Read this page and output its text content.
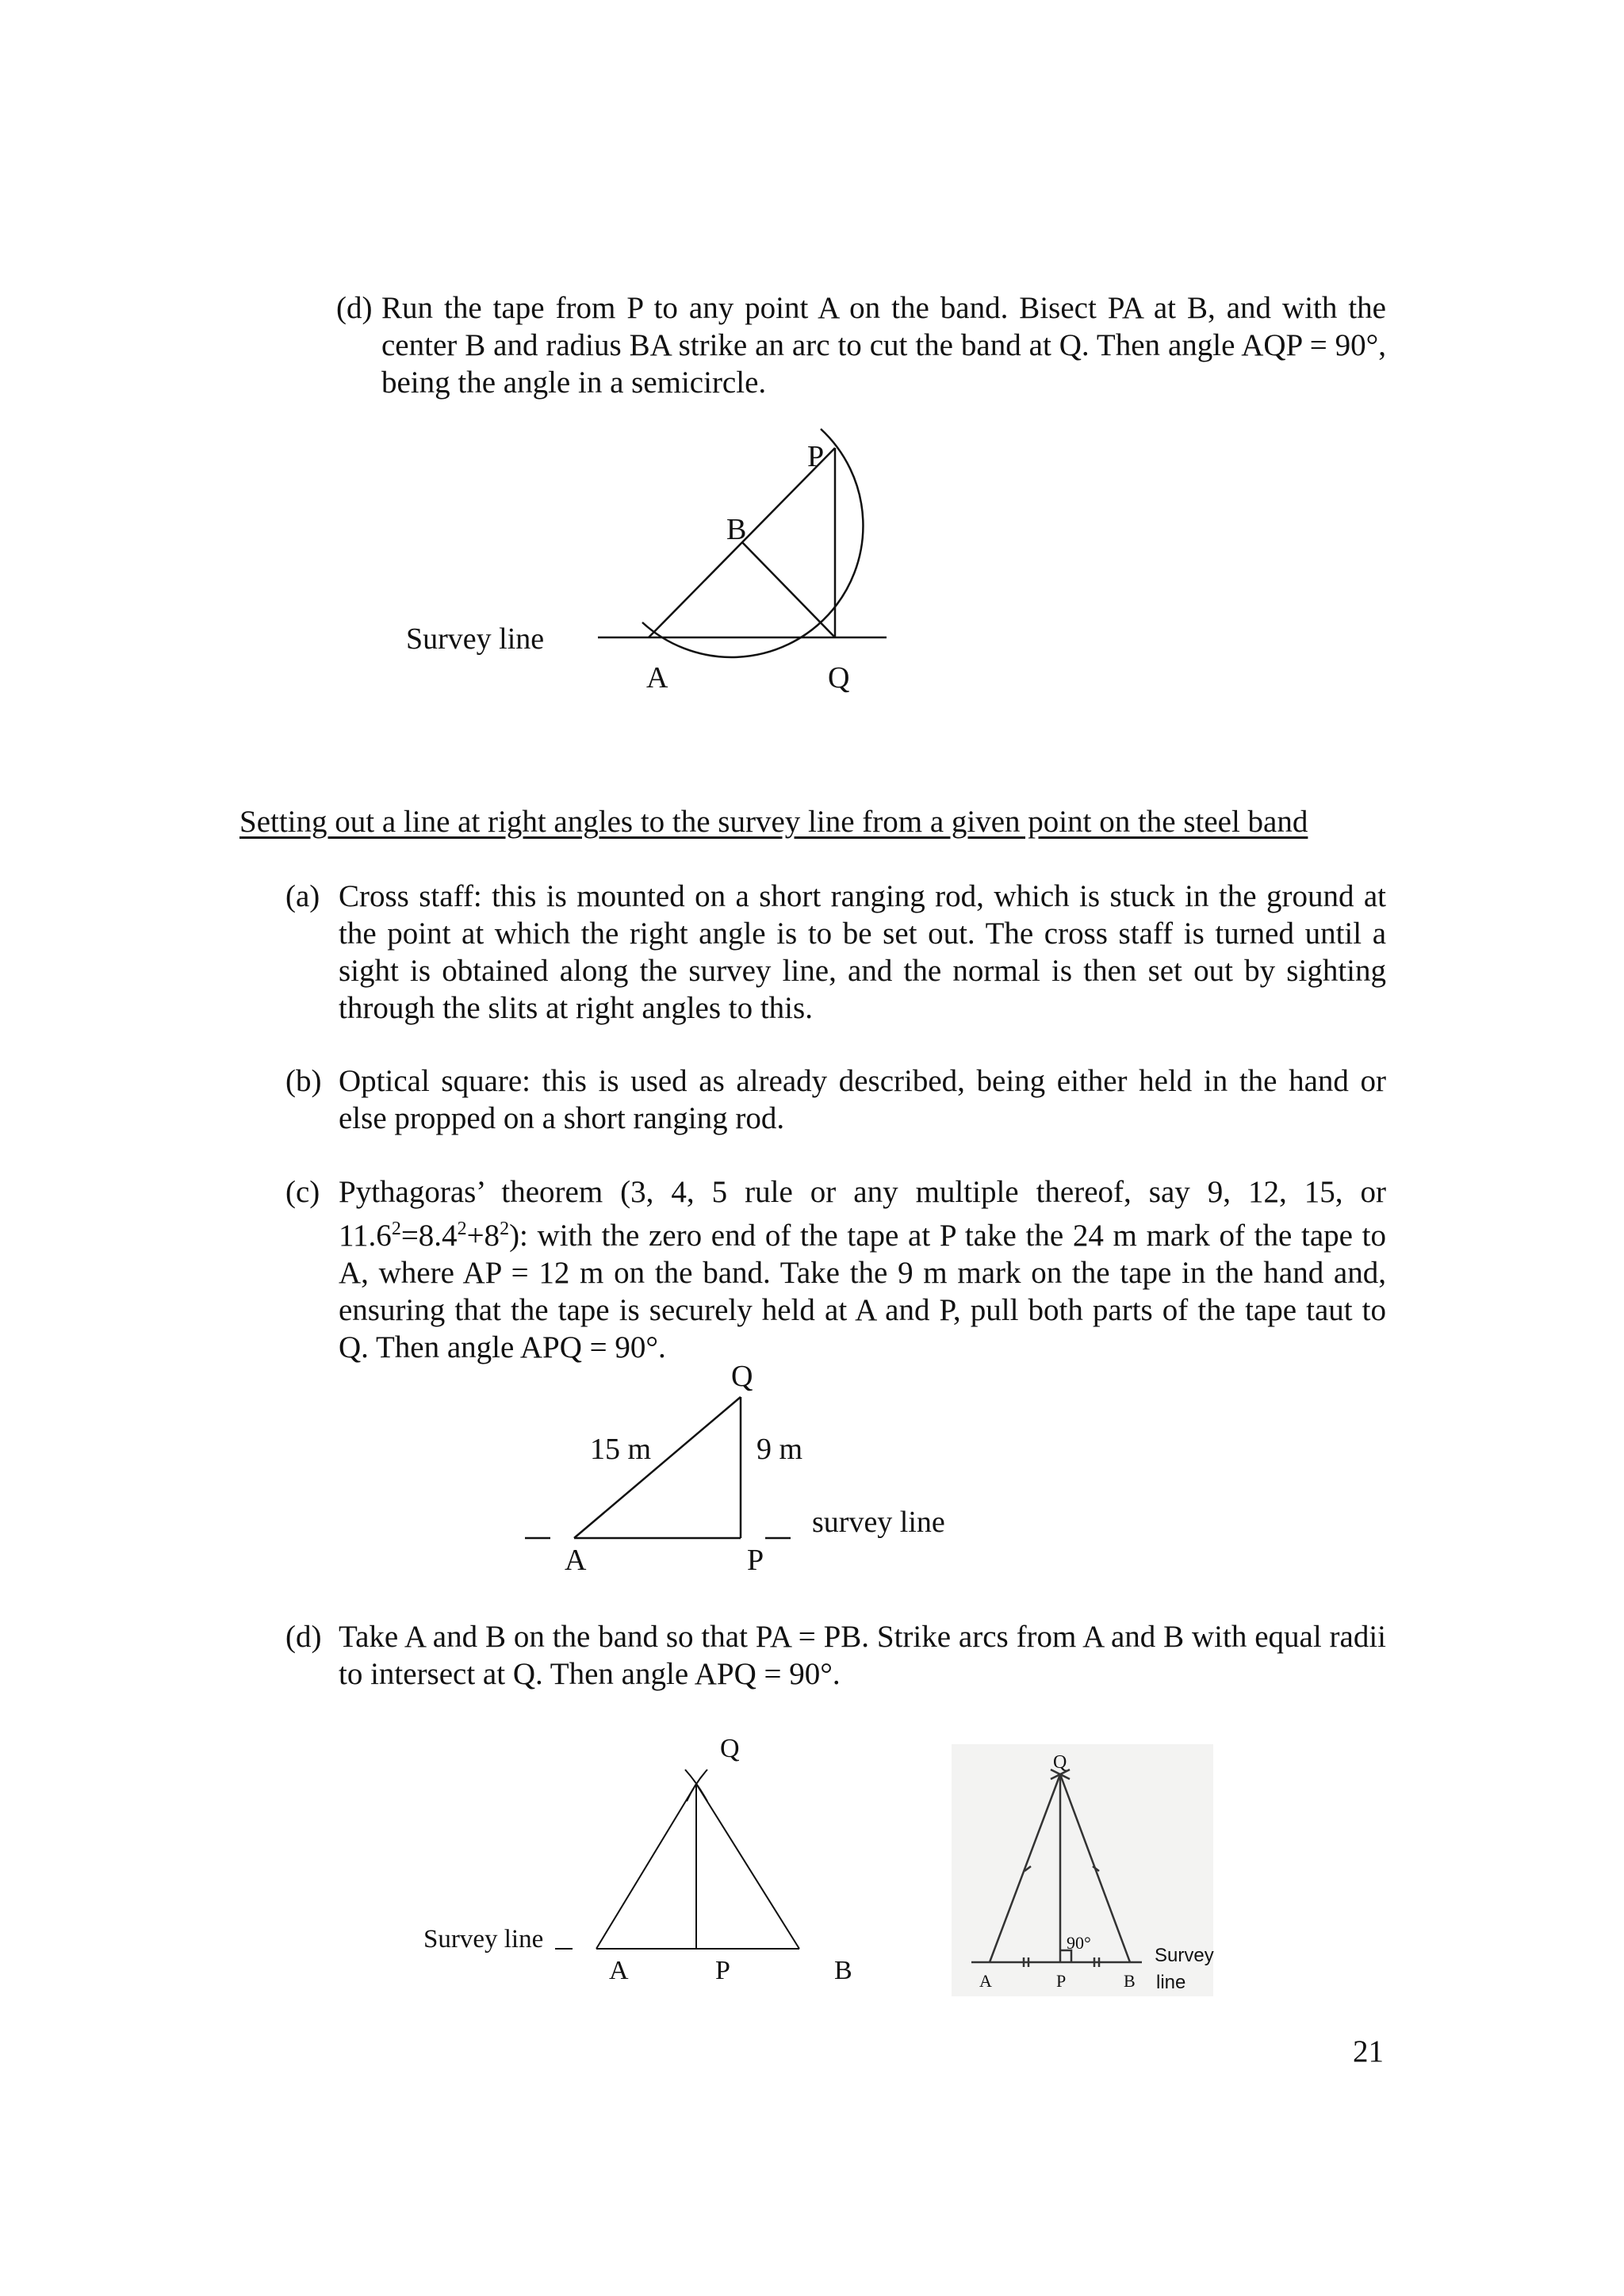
(d) Run the tape from P to any point A on the band. Bisect PA at B, and with the center B and radius BA strike an arc to cut the band at Q. Then angle AQP = 90°, being the angle in a semicircle.
P
B
A	Q
Survey line
Setting out a line at right angles to the survey line from a given point on the steel band
(a) Cross staff: this is mounted on a short ranging rod, which is stuck in the ground at the point at which the right angle is to be set out. The cross staff is turned until a sight is obtained along the survey line, and the normal is then set out by sighting through the slits at right angles to this.
(b) Optical square: this is used as already described, being either held in the hand or else propped on a short ranging rod.
(c) Pythagoras’ theorem (3, 4, 5 rule or any multiple thereof, say 9, 12, 15, or $11.6^2=8.4^2+8^2$): with the zero end of the tape at P take the 24 m mark of the tape to A, where AP = 12 m on the band. Take the 9 m mark on the tape in the hand and, ensuring that the tape is securely held at A and P, pull both parts of the tape taut to Q. Then angle APQ = 90°.
Q
15 m	9 m
A	P
survey line
(d) Take A and B on the band so that PA = PB. Strike arcs from A and B with equal radii to intersect at Q. Then angle APQ = 90°.
Q
A	P	B
Survey line
Q
A	P	B
90°
Survey
line
21
